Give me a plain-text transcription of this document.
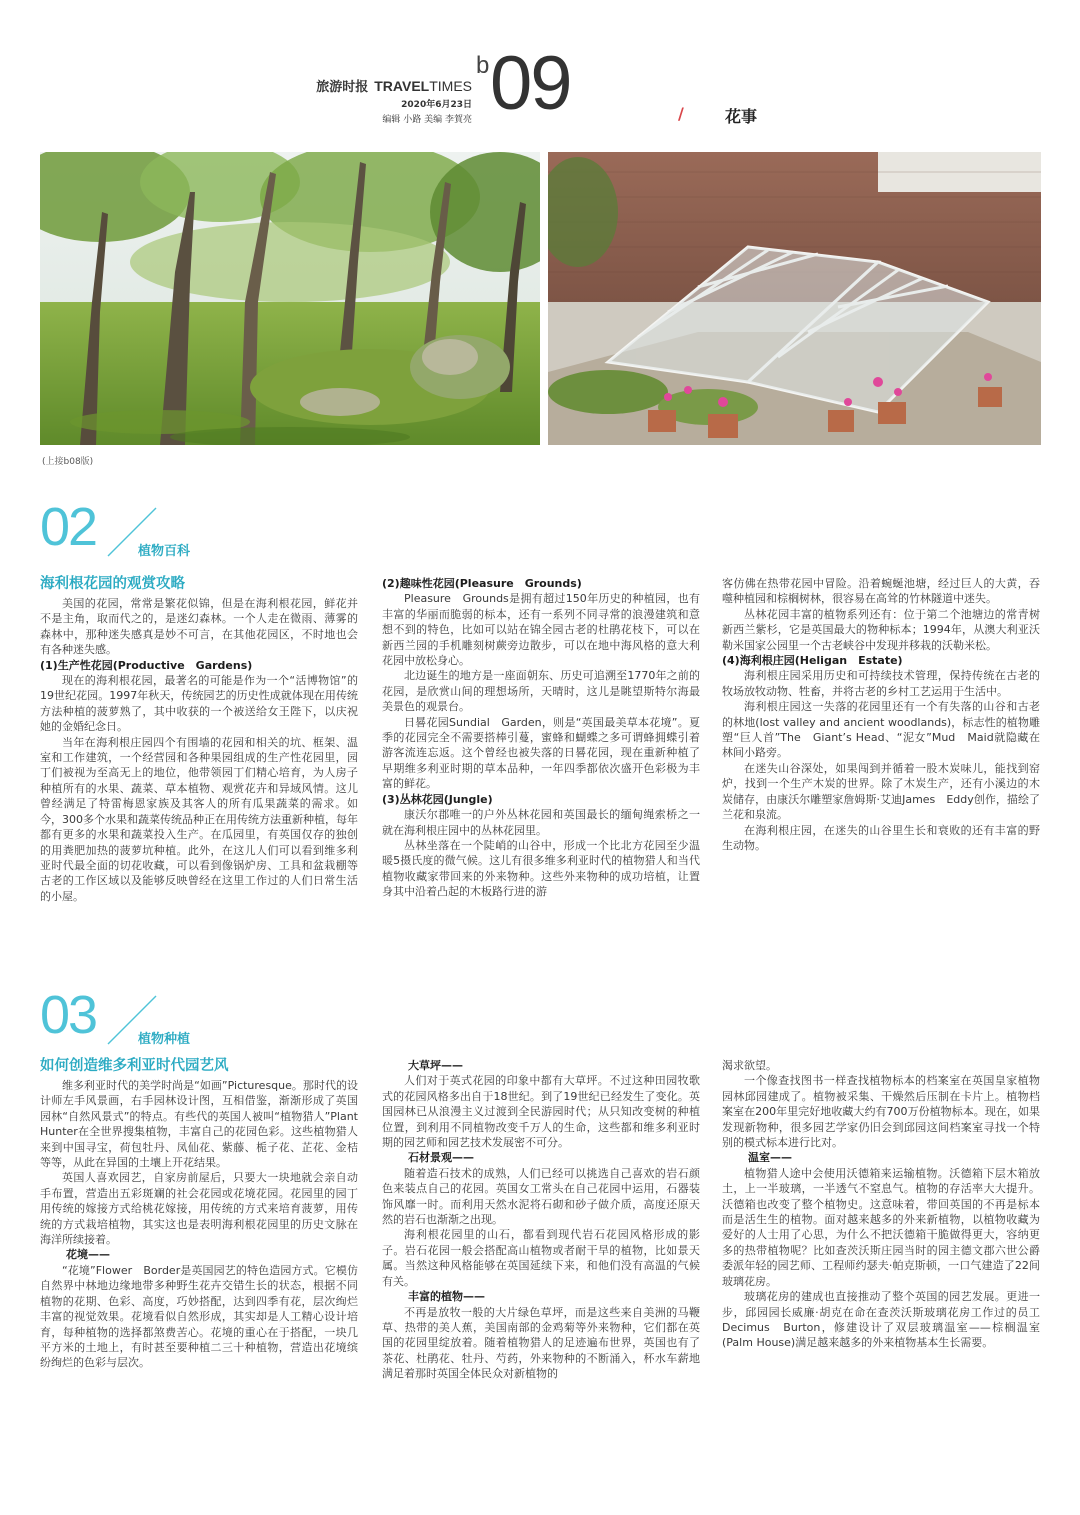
旅游时报 TRAVELTIMES
2020年6月23日
编辑 小路 美编 李賀亮
b 09	/	花事
(上接b08版)
02	植物百科
海利根花园的观赏攻略

美国的花园，常常是繁花似锦，但是在海利根花园，鲜花并不是主角，取而代之的，是迷幻森林。一个人走在微雨、薄雾的森林中，那种迷失感真是妙不可言，在其他花园区，不时地也会有各种迷失感。

(1)生产性花园(Productive　Gardens)

现在的海利根花园，最著名的可能是作为一个“活博物馆”的19世纪花园。1997年秋天，传统园艺的历史性成就体现在用传统方法种植的菠萝熟了，其中收获的一个被送给女王陛下，以庆祝她的金婚纪念日。

当年在海利根庄园四个有围墙的花园和相关的坑、框架、温室和工作建筑，一个经营园和各种果园组成的生产性花园里，园丁们被视为至高无上的地位，他带领园丁们精心培育，为人房子种植所有的水果、蔬菜、草本植物、观赏花卉和异域风情。这儿曾经满足了特雷梅恩家族及其客人的所有瓜果蔬菜的需求。如今，300多个水果和蔬菜传统品种正在用传统方法重新种植，每年都有更多的水果和蔬菜投入生产。在瓜园里，有英国仅存的独创的用粪肥加热的菠萝坑种植。此外，在这儿人们可以看到维多利亚时代最全面的切花收藏，可以看到像锅炉房、工具和盆栽棚等古老的工作区域以及能够反映曾经在这里工作过的人们日常生活的小屋。

(2)趣味性花园(Pleasure　Grounds)

Pleasure　Grounds是拥有超过150年历史的种植园，也有丰富的华丽而脆弱的标本，还有一系列不同寻常的浪漫建筑和意想不到的特色，比如可以站在锦全园古老的杜鹃花枝下，可以在新西兰园的手机雕刻树蕨旁边散步，可以在地中海风格的意大利花园中放松身心。

北边诞生的地方是一座面朝东、历史可追溯至1770年之前的花园，是欣赏山间的理想场所，天晴时，这儿是眺望斯特尔海最美景色的观景台。

日晷花园Sundial　Garden，则是“英国最美草本花境”。夏季的花园完全不需要搭棒引蔓，蜜蜂和蝴蝶之多可谓蜂拥蝶引着游客流连忘返。这个曾经也被失落的日晷花园，现在重新种植了早期维多利亚时期的草本品种，一年四季都依次盛开色彩极为丰富的鲜花。

(3)丛林花园(Jungle)

康沃尔郡唯一的户外丛林花园和英国最长的缅甸绳索桥之一就在海利根庄园中的丛林花园里。

丛林坐落在一个陡峭的山谷中，形成一个比北方花园至少温暖5摄氏度的微气候。这儿有很多维多利亚时代的植物猎人和当代植物收藏家带回来的外来物种。这些外来物种的成功培植，让置身其中沿着凸起的木板路行进的游

客仿佛在热带花园中冒险。沿着蜿蜒池塘，经过巨人的大黄，吞噬种植园和棕榈树林，很容易在高耸的竹林隧道中迷失。

丛林花园丰富的植物系列还有：位于第二个池塘边的常青树新西兰紫杉，它是英国最大的物种标本；1994年，从澳大利亚沃勒米国家公园里一个古老峡谷中发现并移栽的沃勒米松。

(4)海利根庄园(Heligan　Estate)

海利根庄园采用历史和可持续技术管理，保持传统在古老的牧场放牧动物、牲畜，并将古老的乡村工艺运用于生活中。

海利根庄园这一失落的花园里还有一个有失落的山谷和古老的林地(lost valley and ancient woodlands)，标志性的植物雕塑“巨人首”The　Giant’s Head、“泥女”Mud　Maid就隐藏在林间小路旁。

在迷失山谷深处，如果闯到并循着一股木炭味儿，能找到窑炉，找到一个生产木炭的世界。除了木炭生产，还有小溪边的木炭储存，由康沃尔雕塑家詹姆斯·艾迪James　Eddy创作，描绘了兰花和泉流。

在海利根庄园，在迷失的山谷里生长和衰败的还有丰富的野生动物。

03	植物种植
如何创造维多利亚时代园艺风

维多利亚时代的美学时尚是“如画”Picturesque。那时代的设计师左手风景画，右手园林设计图，互相借鉴，渐渐形成了英国园林“自然风景式”的特点。有些代的英国人被叫“植物猎人”Plant　Hunter在全世界搜集植物，丰富自己的花园色彩。这些植物猎人来到中国寻宝，荷包牡丹、凤仙花、紫藤、栀子花、芷花、金桔等等，从此在异国的土壤上开花结果。

英国人喜欢园艺，自家房前屋后，只要大一块地就会亲自动手布置，营造出五彩斑斓的社会花园或花境花园。花园里的园丁用传统的嫁接方式给桃花嫁接，用传统的方式来培育菠萝，用传统的方式栽培植物，其实这也是表明海利根花园里的历史文脉在海洋所续接着。

花境——

“花境”Flower　Border是英国园艺的特色造园方式。它模仿自然界中林地边缘地带多种野生花卉交错生长的状态，根据不同植物的花期、色彩、高度，巧妙搭配，达到四季有花，层次绚烂丰富的视觉效果。花境看似自然形成，其实却是人工精心设计培育，每种植物的选择都煞费苦心。花境的重心在于搭配，一块几平方米的土地上，有时甚至要种植二三十种植物，营造出花境缤纷绚烂的色彩与层次。

大草坪——

人们对于英式花园的印象中都有大草坪。不过这种田园牧歌式的花园风格多出自于18世纪。到了19世纪已经发生了变化。英国园林已从浪漫主义过渡到全民游园时代；从只知改变树的种植位置，到利用不同植物改变千万人的生命，这些都和维多利亚时期的园艺师和园艺技术发展密不可分。

石材景观——

随着造石技术的成熟，人们已经可以挑选自己喜欢的岩石颜色来装点自己的花园。英国女工常头在自己花园中运用，石器装饰风靡一时。而利用天然水泥将石砌和砂子做介质，高度还原天然的岩石也渐渐之出现。

海利根花园里的山石，都看到现代岩石花园风格形成的影子。岩石花园一般会搭配高山植物或者耐干旱的植物，比如景天属。当然这种风格能够在英国延续下来，和他们没有高温的气候有关。

丰富的植物——

不再是放牧一般的大片绿色草坪，而是这些来自美洲的马鞭草、热带的美人蕉，美国南部的金鸡菊等外来物种，它们都在英国的花园里绽放着。随着植物猎人的足迹遍布世界，英国也有了茶花、杜鹃花、牡丹、芍药，外来物种的不断涌入，杯水车薪地满足着那时英国全体民众对新植物的

渴求欲望。

一个像查找图书一样查找植物标本的档案室在英国皇家植物园林邱园建成了。植物被采集、干燥然后压制在卡片上。植物档案室在200年里完好地收藏大约有700万份植物标本。现在，如果发现新物种，很多园艺学家仍旧会到邱园这间档案室寻找一个特别的模式标本进行比对。

温室——

植物猎人途中会使用沃德箱来运输植物。沃德箱下层木箱放土，上一半玻璃，一半透气不窒息气。植物的存活率大大提升。沃德箱也改变了整个植物史。这意味着，带回英国的不再是标本而是活生生的植物。面对越来越多的外来新植物，以植物收藏为爱好的人士用了心思，为什么不把沃德箱干脆做得更大，容纳更多的热带植物呢？比如查茨沃斯庄园当时的园主德文郡六世公爵委派年轻的园艺师、工程师约瑟夫·帕克斯顿，一口气建造了22间玻璃花房。

玻璃花房的建成也直接推动了整个英国的园艺发展。更进一步，邱园园长威廉·胡克在命在查茨沃斯玻璃花房工作过的员工Decimus　Burton，修建设计了双层玻璃温室——棕榈温室(Palm House)满足越来越多的外来植物基本生长需要。
